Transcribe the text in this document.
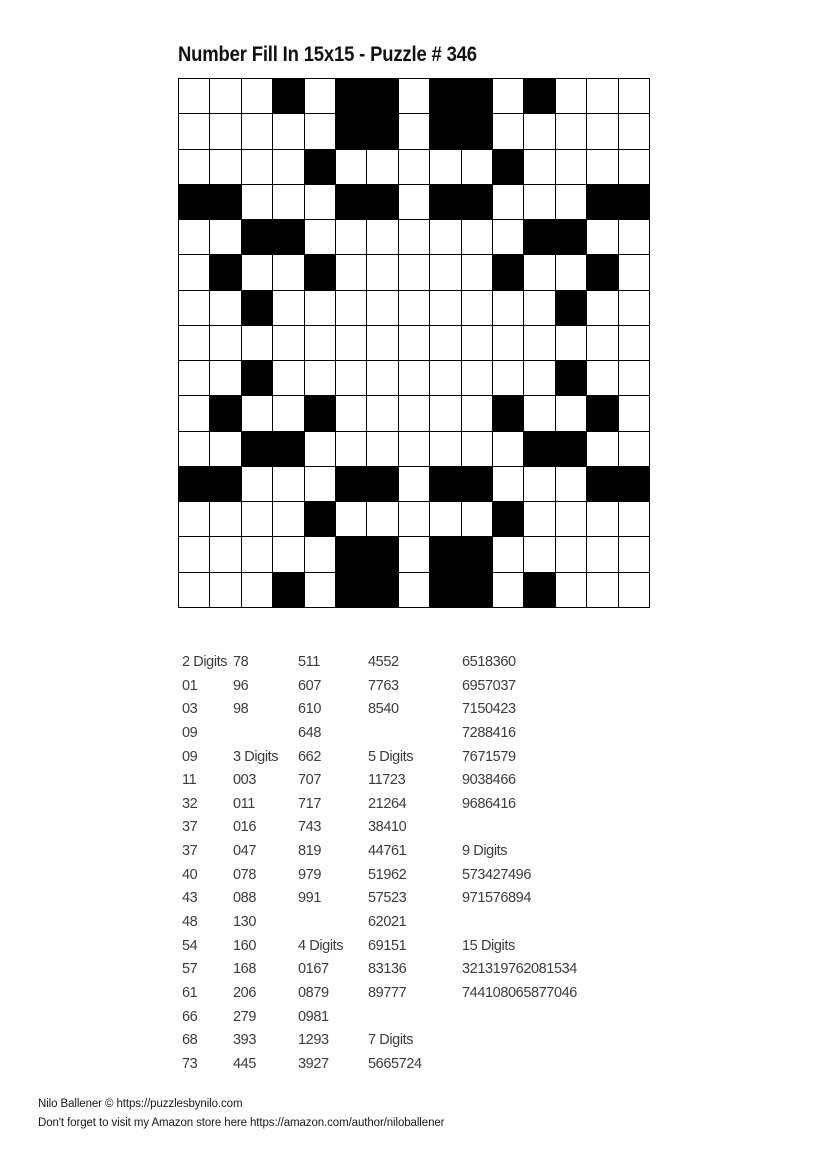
Number Fill In 15x15 - Puzzle # 346
2 Digits
01
03
09
09
11
32
37
37
40
43
48
54
57
61
66
68
73
78
96
98
3 Digits
003
011
016
047
078
088
130
160
168
206
279
393
445
511
607
610
648
662
707
717
743
819
979
991
4 Digits
0167
0879
0981
1293
3927
4552
7763
8540
5 Digits
11723
21264
38410
44761
51962
57523
62021
69151
83136
89777
7 Digits
5665724
6518360
6957037
7150423
7288416
7671579
9038466
9686416
9 Digits
573427496
971576894
15 Digits
321319762081534
744108065877046
Nilo Ballener © https://puzzlesbynilo.com
Don't forget to visit my Amazon store here https://amazon.com/author/niloballener
